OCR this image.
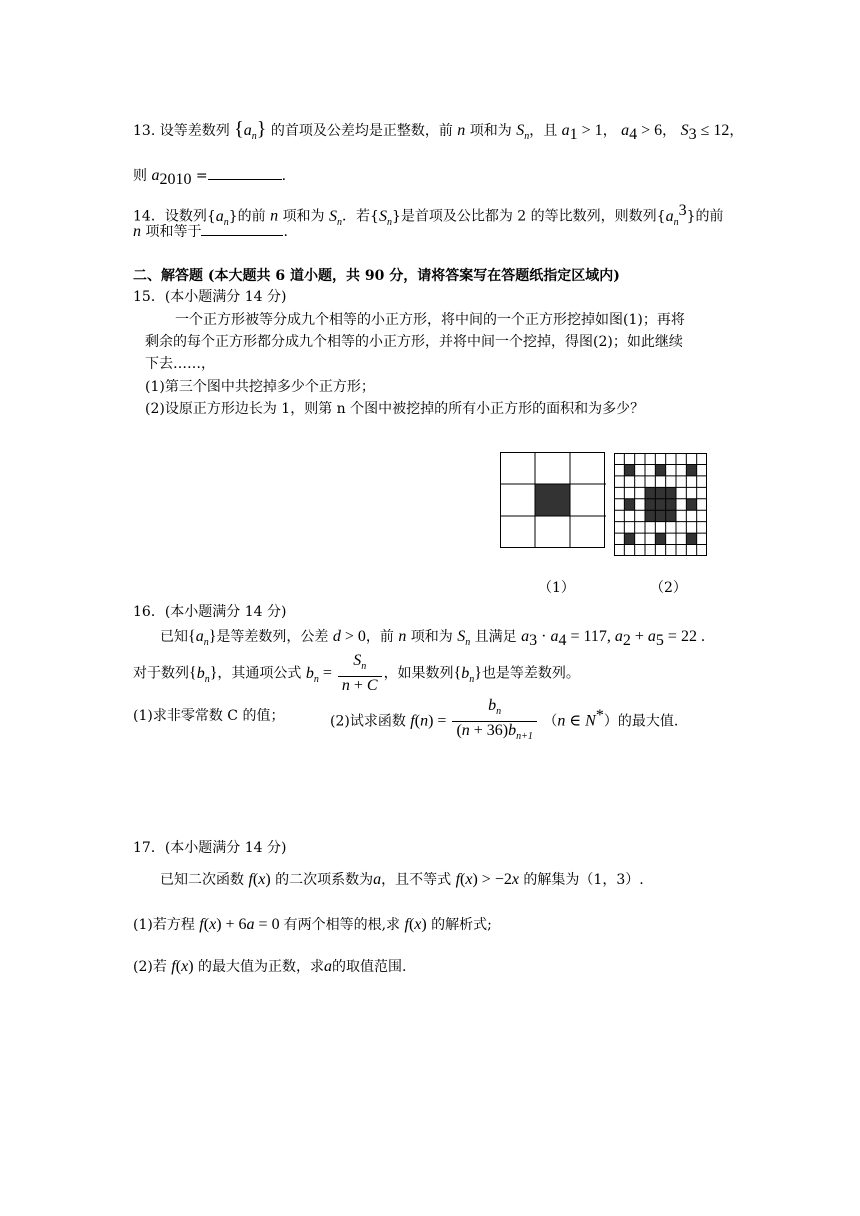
13. 设等差数列 $\{a_n\}$ 的首项及公差均是正整数，前 n 项和为 $S_n$，且 $a_1 > 1$， $a_4 > 6$， $S_3 \le 12$，
则 $a_{2010}$ =	.
14．设数列$\{a_n\}$的前 n 项和为 $S_n$．若$\{S_n\}$是首项及公比都为 2 的等比数列，则数列$\{a_n^3\}$的前
n 项和等于	.
二、解答题 (本大题共 6 道小题，共 90 分，请将答案写在答题纸指定区域内)
15．(本小题满分 14 分)
一个正方形被等分成九个相等的小正方形，将中间的一个正方形挖掉如图(1)；再将
剩余的每个正方形都分成九个相等的小正方形，并将中间一个挖掉，得图(2)；如此继续
下去……，
(1)第三个图中共挖掉多少个正方形；
(2)设原正方形边长为 1，则第 n 个图中被挖掉的所有小正方形的面积和为多少？
（1）	（2）
16．(本小题满分 14 分)
已知$\{a_n\}$是等差数列，公差 d > 0，前 n 项和为 $S_n$ 且满足 $a_3 \cdot a_4 = 117$, $a_2 + a_5 = 22$ .
对于数列$\{b_n\}$，其通项公式 $b_n = \frac{S_n}{n + C}$ ，如果数列$\{b_n\}$也是等差数列。
(1)求非零常数 C 的值；	(2)试求函数 $f(n) = \frac{b_n}{(n + 36)b_{n+1}} (n$ ∈ N*）的最大值.
17．(本小题满分 14 分)
已知二次函数 f(x) 的二次项系数为a，且不等式 f(x) > −2x 的解集为（1，3）.
(1)若方程 f(x) + 6a = 0 有两个相等的根,求 f(x) 的解析式;
(2)若 f(x) 的最大值为正数，求a的取值范围.
